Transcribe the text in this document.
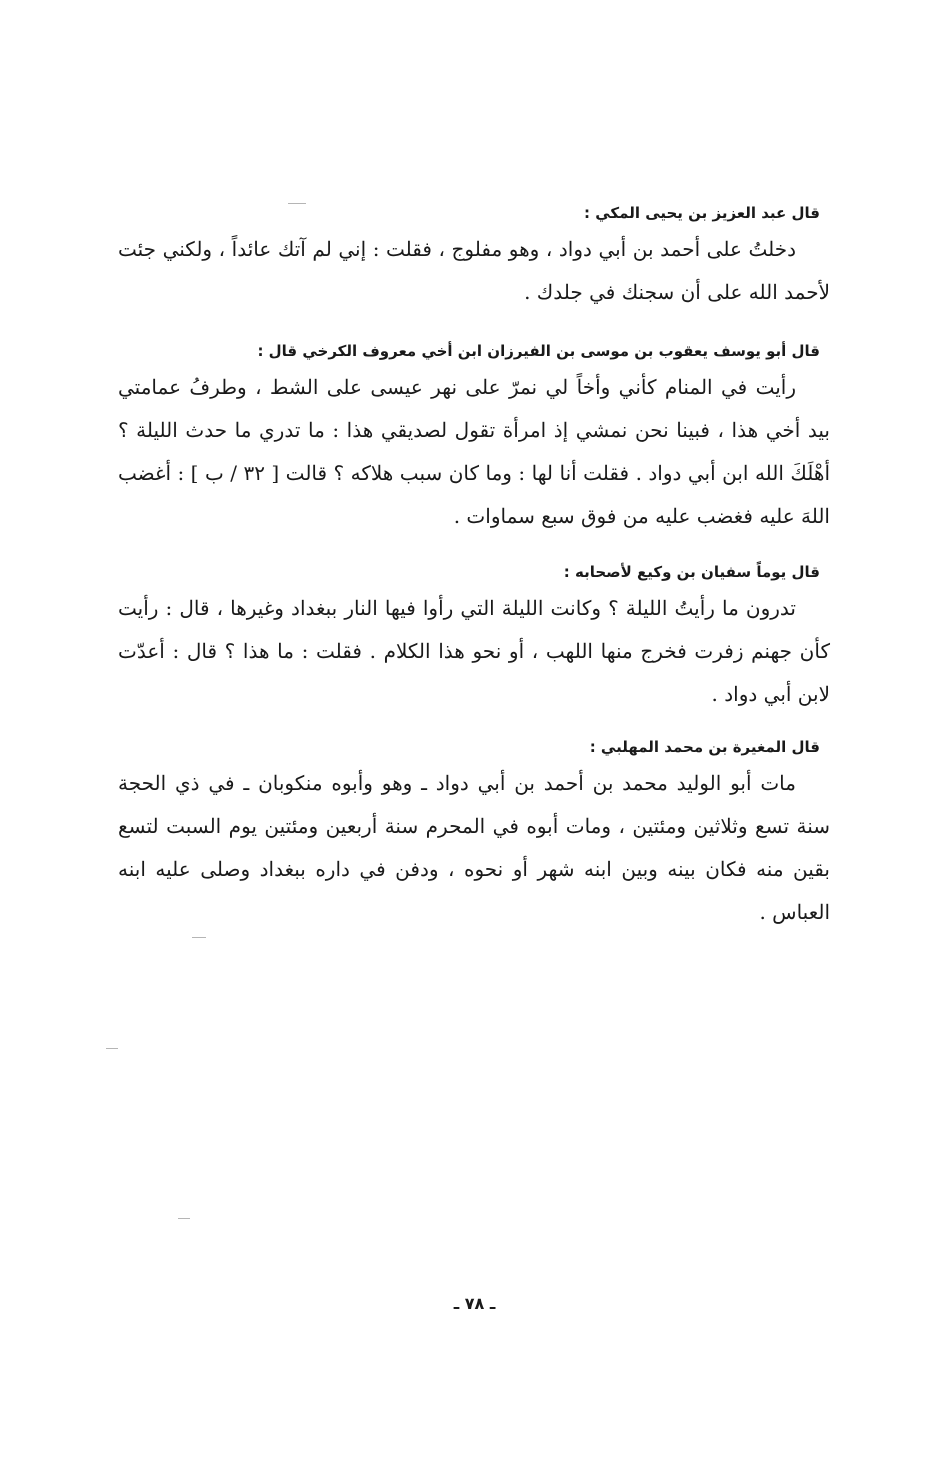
قال عبد العزيز بن يحيى المكي :

دخلتُ على أحمد بن أبي دواد ، وهو مفلوج ، فقلت : إني لم آتك عائداً ، ولكني جئت لأحمد الله على أن سجنك في جلدك .

قال أبو يوسف يعقوب بن موسى بن الفيرزان ابن أخي معروف الكرخي قال :

رأيت في المنام كأني وأخاً لي نمرّ على نهر عيسى على الشط ، وطرفُ عمامتي بيد أخي هذا ، فبينا نحن نمشي إذ امرأة تقول لصديقي هذا : ما تدري ما حدث الليلة ؟ أهْلَكَ الله ابن أبي دواد . فقلت أنا لها : وما كان سبب هلاكه ؟ قالت [ ٣٢ / ب ] : أغضب اللهَ عليه فغضب عليه من فوق سبع سماوات .

قال يوماً سفيان بن وكيع لأصحابه :

تدرون ما رأيتُ الليلة ؟ وكانت الليلة التي رأوا فيها النار ببغداد وغيرها ، قال : رأيت كأن جهنم زفرت فخرج منها اللهب ، أو نحو هذا الكلام . فقلت : ما هذا ؟ قال : أعدّت لابن أبي دواد .

قال المغيرة بن محمد المهلبي :

مات أبو الوليد محمد بن أحمد بن أبي دواد ـ وهو وأبوه منكوبان ـ في ذي الحجة سنة تسع وثلاثين ومئتين ، ومات أبوه في المحرم سنة أربعين ومئتين يوم السبت لتسع بقين منه فكان بينه وبين ابنه شهر أو نحوه ، ودفن في داره ببغداد وصلى عليه ابنه العباس .

ـ ٧٨ ـ
